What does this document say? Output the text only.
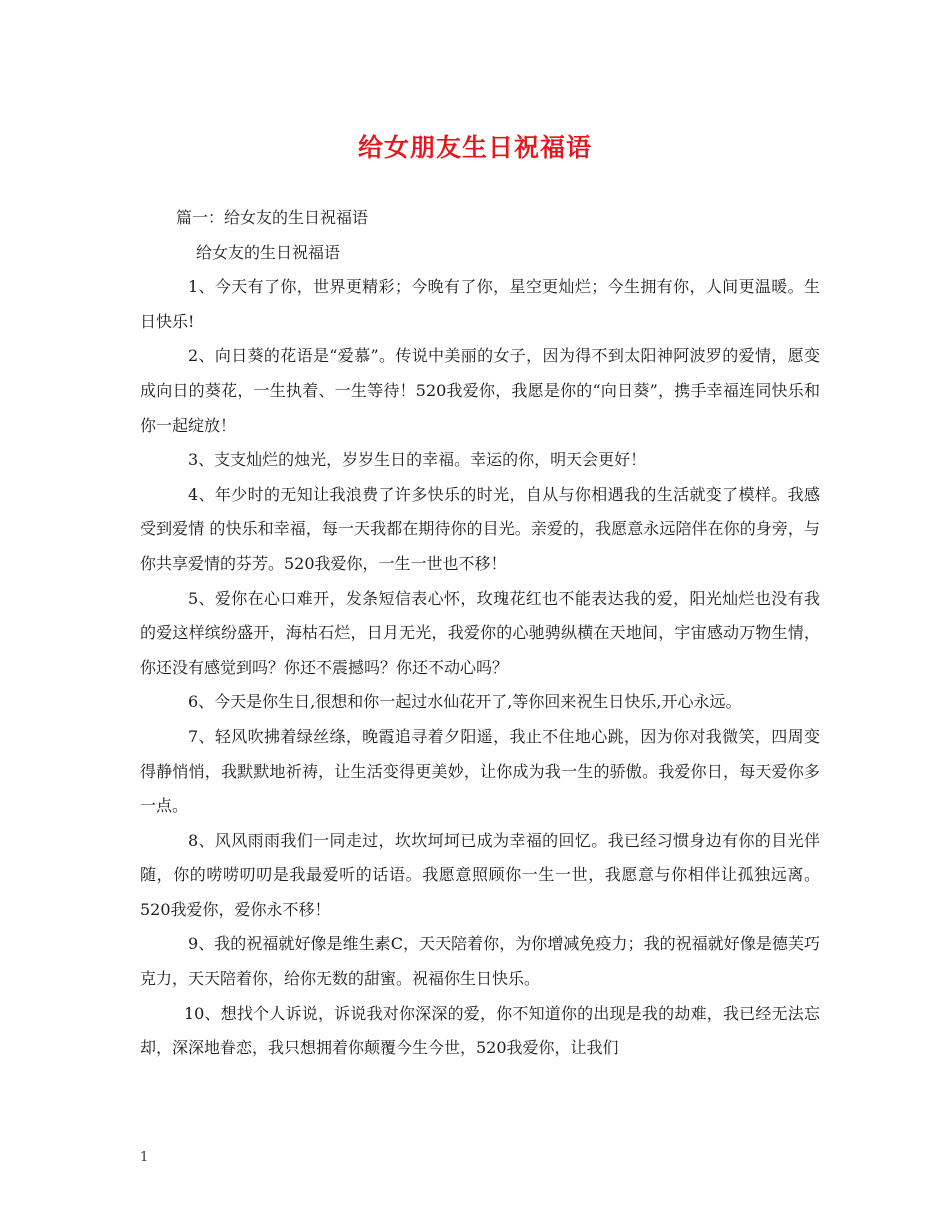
给女朋友生日祝福语

篇一：给女友的生日祝福语

给女友的生日祝福语

1、今天有了你，世界更精彩；今晚有了你，星空更灿烂；今生拥有你，人间更温暖。生日快乐!

2、向日葵的花语是“爱慕”。传说中美丽的女子，因为得不到太阳神阿波罗的爱情，愿变成向日的葵花，一生执着、一生等待！520我爱你，我愿是你的“向日葵”，携手幸福连同快乐和你一起绽放！

3、支支灿烂的烛光，岁岁生日的幸福。幸运的你，明天会更好！

4、年少时的无知让我浪费了许多快乐的时光，自从与你相遇我的生活就变了模样。我感受到爱情 的快乐和幸福，每一天我都在期待你的目光。亲爱的，我愿意永远陪伴在你的身旁，与你共享爱情的芬芳。520我爱你，一生一世也不移！

5、爱你在心口难开，发条短信表心怀，玫瑰花红也不能表达我的爱，阳光灿烂也没有我的爱这样缤纷盛开，海枯石烂，日月无光，我爱你的心驰骋纵横在天地间，宇宙感动万物生情，你还没有感觉到吗？你还不震撼吗？你还不动心吗？

6、今天是你生日,很想和你一起过水仙花开了,等你回来祝生日快乐,开心永远。

7、轻风吹拂着绿丝绦，晚霞追寻着夕阳遥，我止不住地心跳，因为你对我微笑，四周变得静悄悄，我默默地祈祷，让生活变得更美妙，让你成为我一生的骄傲。我爱你日，每天爱你多一点。

8、风风雨雨我们一同走过，坎坎坷坷已成为幸福的回忆。我已经习惯身边有你的目光伴随，你的唠唠叨叨是我最爱听的话语。我愿意照顾你一生一世，我愿意与你相伴让孤独远离。520我爱你，爱你永不移！

9、我的祝福就好像是维生素C，天天陪着你，为你增减免疫力；我的祝福就好像是德芙巧克力，天天陪着你，给你无数的甜蜜。祝福你生日快乐。

10、想找个人诉说，诉说我对你深深的爱，你不知道你的出现是我的劫难，我已经无法忘却，深深地眷恋，我只想拥着你颠覆今生今世，520我爱你，让我们

1
